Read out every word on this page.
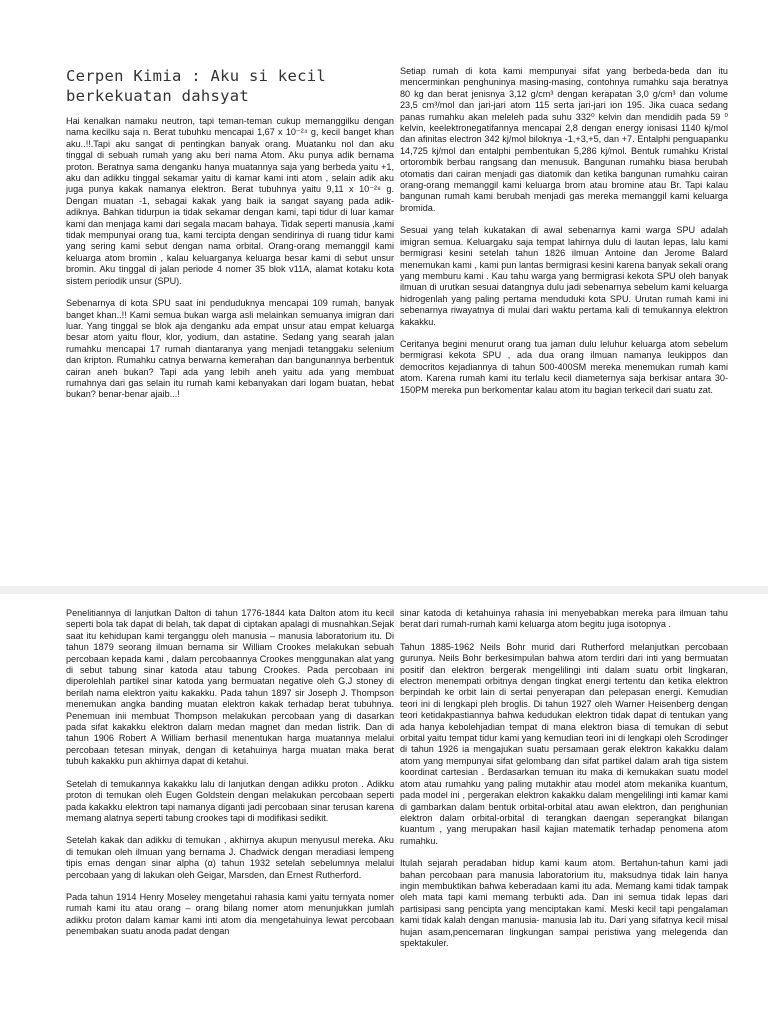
Cerpen Kimia : Aku si kecil berkekuatan dahsyat

Hai kenalkan namaku neutron, tapi teman-teman cukup memanggilku dengan nama kecilku saja n. Berat tubuhku mencapai 1,67 x 10⁻²⁴ g, kecil banget khan aku..!!.Tapi aku sangat di pentingkan banyak orang. Muatanku nol dan aku tinggal di sebuah rumah yang aku beri nama Atom. Aku punya adik bernama proton. Beratnya sama denganku hanya muatannya saja yang berbeda yaitu +1, aku dan adikku tinggal sekamar yaitu di kamar kami inti atom , selain adik aku juga punya kakak namanya elektron. Berat tubuhnya yaitu 9,11 x 10⁻²⁸ g. Dengan muatan -1, sebagai kakak yang baik ia sangat sayang pada adik-adiknya. Bahkan tidurpun ia tidak sekamar dengan kami, tapi tidur di luar kamar kami dan menjaga kami dari segala macam bahaya. Tidak seperti manusia ,kami tidak mempunyai orang tua, kami tercipta dengan sendirinya di ruang tidur kami yang sering kami sebut dengan nama orbital. Orang-orang memanggil kami keluarga atom bromin , kalau keluarganya keluarga besar kami di sebut unsur bromin. Aku tinggal di jalan periode 4 nomer 35 blok v11A, alamat kotaku kota sistem periodik unsur (SPU).

Sebenarnya di kota SPU saat ini penduduknya mencapai 109 rumah, banyak banget khan..!! Kami semua bukan warga asli melainkan semuanya imigran dari luar. Yang tinggal se blok aja denganku ada empat unsur atau empat keluarga besar atom yaitu flour, klor, yodium, dan astatine. Sedang yang searah jalan rumahku mencapai 17 rumah diantaranya yang menjadi tetanggaku selenium dan kripton. Rumahku catnya berwarna kemerahan dan bangunannya berbentuk cairan aneh bukan? Tapi ada yang lebih aneh yaitu ada yang membuat rumahnya dari gas selain itu rumah kami kebanyakan dari logam buatan, hebat bukan? benar-benar ajaib...!

Setiap rumah di kota kami mempunyai sifat yang berbeda-beda dan itu mencerminkan penghuninya masing-masing, contohnya rumahku saja beratnya 80 kg dan berat jenisnya 3,12 g/cm³ dengan kerapatan 3,0 g/cm³ dan volume 23,5 cm³/mol dan jari-jari atom 115 serta jari-jari ion 195. Jika cuaca sedang panas rumahku akan meleleh pada suhu 332⁰ kelvin dan mendidih pada 59 ⁰ kelvin, keelektronegatifannya mencapai 2,8 dengan energy ionisasi 1140 kj/mol dan afinitas electron 342 kj/mol biloknya -1,+3,+5, dan +7. Entalphi penguapanku 14,725 kj/mol dan entalphi pembentukan 5,286 kj/mol. Bentuk rumahku Kristal ortorombik berbau rangsang dan menusuk. Bangunan rumahku biasa berubah otomatis dari cairan menjadi gas diatomik dan ketika bangunan rumahku cairan orang-orang memanggil kami keluarga brom atau bromine atau Br. Tapi kalau bangunan rumah kami berubah menjadi gas mereka memanggil kami keluarga bromida.

Sesuai yang telah kukatakan di awal sebenarnya kami warga SPU adalah imigran semua. Keluargaku saja tempat lahirnya dulu di lautan lepas, lalu kami bermigrasi kesini setelah tahun 1826 ilmuan Antoine dan Jerome Balard menemukan kami , kami pun lantas bermigrasi kesini karena banyak sekali orang yang memburu kami . Kau tahu warga yang bermigrasi kekota SPU oleh banyak ilmuan di urutkan sesuai datangnya dulu jadi sebenarnya sebelum kami keluarga hidrogenlah yang paling pertama menduduki kota SPU. Urutan rumah kami ini sebenarnya riwayatnya di mulai dari waktu pertama kali di temukannya elektron kakakku.

Ceritanya begini menurut orang tua jaman dulu leluhur keluarga atom sebelum bermigrasi kekota SPU , ada dua orang ilmuan namanya leukippos dan democritos kejadiannya di tahun 500-400SM mereka menemukan rumah kami atom. Karena rumah kami itu terlalu kecil diameternya saja berkisar antara 30-150PM mereka pun berkomentar kalau atom itu bagian terkecil dari suatu zat.

Penelitiannya di lanjutkan Dalton di tahun 1776-1844 kata Dalton atom itu kecil seperti bola tak dapat di belah, tak dapat di ciptakan apalagi di musnahkan.Sejak saat itu kehidupan kami terganggu oleh manusia – manusia laboratorium itu. Di tahun 1879 seorang ilmuan bernama sir William Crookes melakukan sebuah percobaan kepada kami , dalam percobaannya Crookes menggunakan alat yang di sebut tabung sinar katoda atau tabung Crookes. Pada percobaan ini diperolehlah partikel sinar katoda yang bermuatan negative oleh G.J stoney di berilah nama elektron yaitu kakakku. Pada tahun 1897 sir Joseph J. Thompson menemukan angka banding muatan elektron kakak terhadap berat tubuhnya. Penemuan inii membuat Thompson melakukan percobaan yang di dasarkan pada sifat kakakku elektron dalam medan magnet dan medan listrik. Dan di tahun 1906 Robert A William berhasil menentukan harga muatannya melalui percobaan tetesan minyak, dengan di ketahuinya harga muatan maka berat tubuh kakakku pun akhirnya dapat di ketahui.

Setelah di temukannya kakakku lalu di lanjutkan dengan adikku proton . Adikku proton di temukan oleh Eugen Goldstein dengan melakukan percobaan seperti pada kakakku elektron tapi namanya diganti jadi percobaan sinar terusan karena memang alatnya seperti tabung crookes tapi di modifikasi sedikit.

Setelah kakak dan adikku di temukan , akhirnya akupun menyusul mereka. Aku di temukan oleh ilmuan yang bernama J. Chadwick dengan meradiasi lempeng tipis emas dengan sinar alpha (α) tahun 1932 setelah sebelumnya melalui percobaan yang di lakukan oleh Geigar, Marsden, dan Ernest Rutherford.

Pada tahun 1914 Henry Moseley mengetahui rahasia kami yaitu ternyata nomer rumah kami itu atau orang – orang bilang nomer atom menunjukkan jumlah adikku proton dalam kamar kami inti atom dia mengetahuinya lewat percobaan penembakan suatu anoda padat dengan

sinar katoda di ketahuinya rahasia ini menyebabkan mereka para ilmuan tahu berat dari rumah-rumah kami keluarga atom begitu juga isotopnya .

Tahun 1885-1962 Neils Bohr murid dari Rutherford melanjutkan percobaan gurunya. Neils Bohr berkesimpulan bahwa atom terdiri dari inti yang bermuatan positif dan elektron bergerak mengelilingi inti dalam suatu orbit lingkaran, electron menempati orbitnya dengan tingkat energi tertentu dan ketika elektron berpindah ke orbit lain di sertai penyerapan dan pelepasan energi. Kemudian teori ini di lengkapi pleh broglis. Di tahun 1927 oleh Warner Heisenberg dengan teori ketidakpastiannya bahwa kedudukan elektron tidak dapat di tentukan yang ada hanya kebolehjadian tempat di mana elektron biasa di temukan di sebut orbital yaitu tempat tidur kami yang kemudian teori ini di lengkapi oleh Scrodinger di tahun 1926 ia mengajukan suatu persamaan gerak elektron kakakku dalam atom yang mempunyai sifat gelombang dan sifat partikel dalam arah tiga sistem koordinat cartesian . Berdasarkan temuan itu maka di kemukakan suatu model atom atau rumahku yang paling mutakhir atau model atom mekanika kuantum, pada model ini , pergerakan elektron kakakku dalam mengelilingi inti kamar kami di gambarkan dalam bentuk orbital-orbital atau awan elektron, dan penghunian elektron dalam orbital-orbital di terangkan daengan seperangkat bilangan kuantum , yang merupakan hasil kajian matematik terhadap penomena atom rumahku.

Itulah sejarah peradaban hidup kami kaum atom. Bertahun-tahun kami jadi bahan percobaan para manusia laboratorium itu, maksudnya tidak lain hanya ingin membuktikan bahwa keberadaan kami itu ada. Memang kami tidak tampak oleh mata tapi kami memang terbukti ada. Dan ini semua tidak lepas dari partisipasi sang pencipta yang menciptakan kami. Meski kecil tapi pengalaman kami tidak kalah dengan manusia- manusia lab itu. Dari yang sifatnya kecil misal hujan asam,pencemaran lingkungan sampai peristiwa yang melegenda dan spektakuler.
